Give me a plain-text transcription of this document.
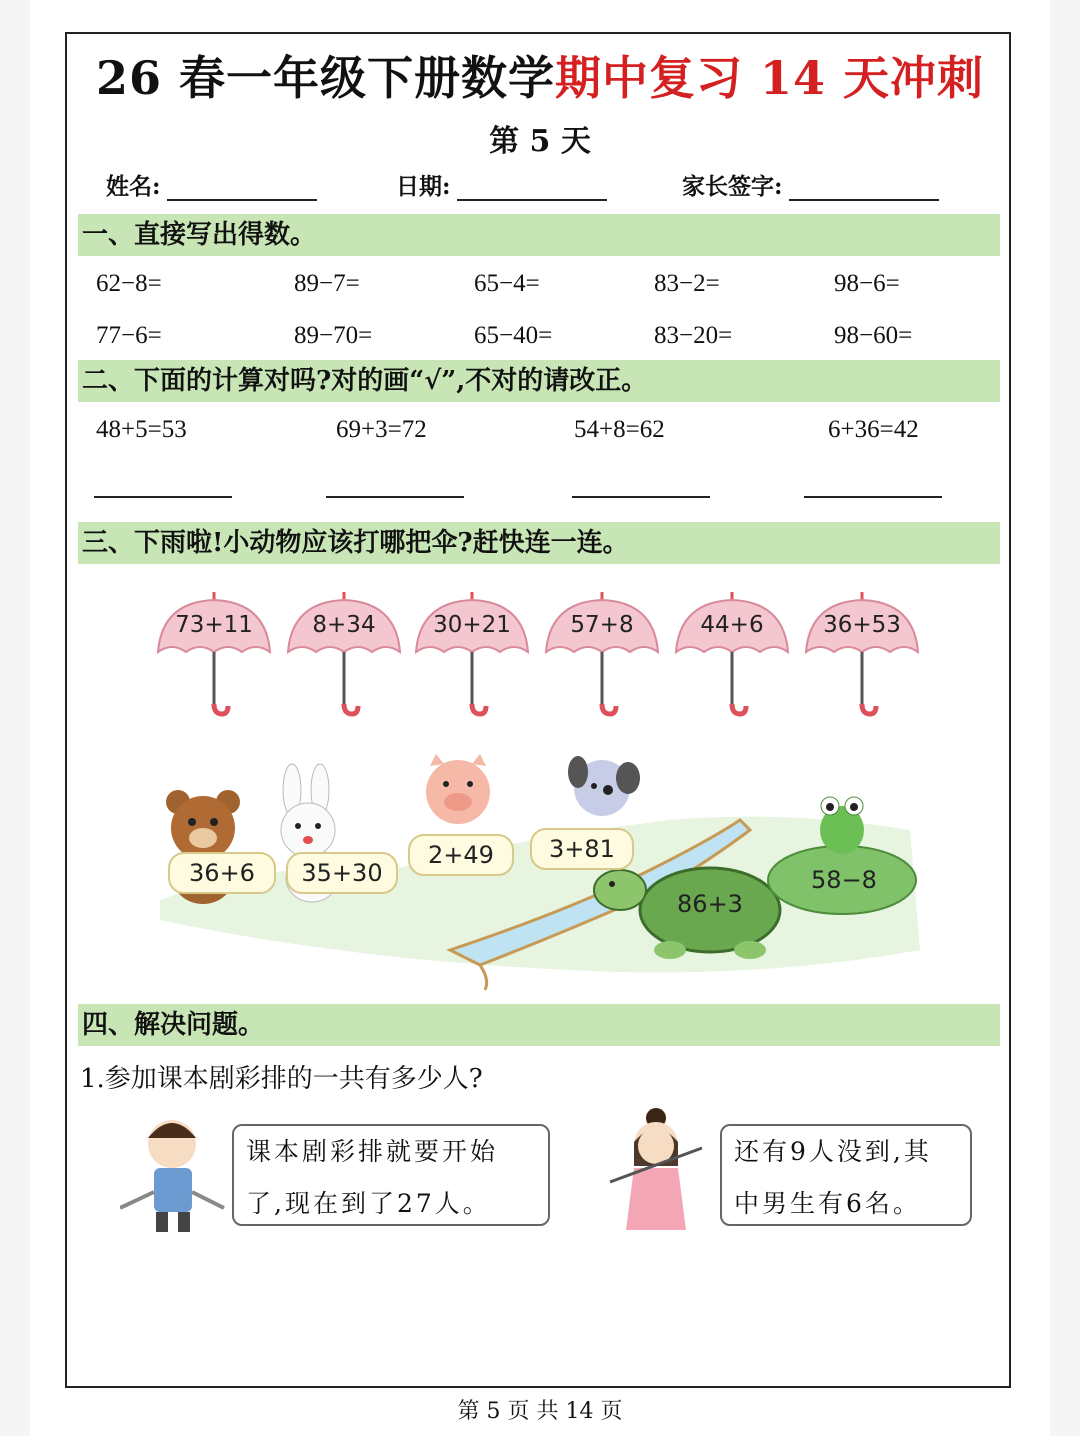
26 春一年级下册数学期中复习 14 天冲刺
第 5 天
姓名:	日期:	家长签字:
一、直接写出得数。
62−8=	89−7=	65−4=	83−2=	98−6=
77−6=	89−70=	65−40=	83−20=	98−60=
二、下面的计算对吗?对的画“√”,不对的请改正。
48+5=53	69+3=72	54+8=62	6+36=42
三、下雨啦!小动物应该打哪把伞?赶快连一连。
73+11	8+34	30+21	57+8	44+6	36+53
36+6	35+30
2+49	3+81
86+3
58−8
四、解决问题。
1.参加课本剧彩排的一共有多少人?
课本剧彩排就要开始
了,现在到了27人。
还有9人没到,其
中男生有6名。
第 5 页 共 14 页
